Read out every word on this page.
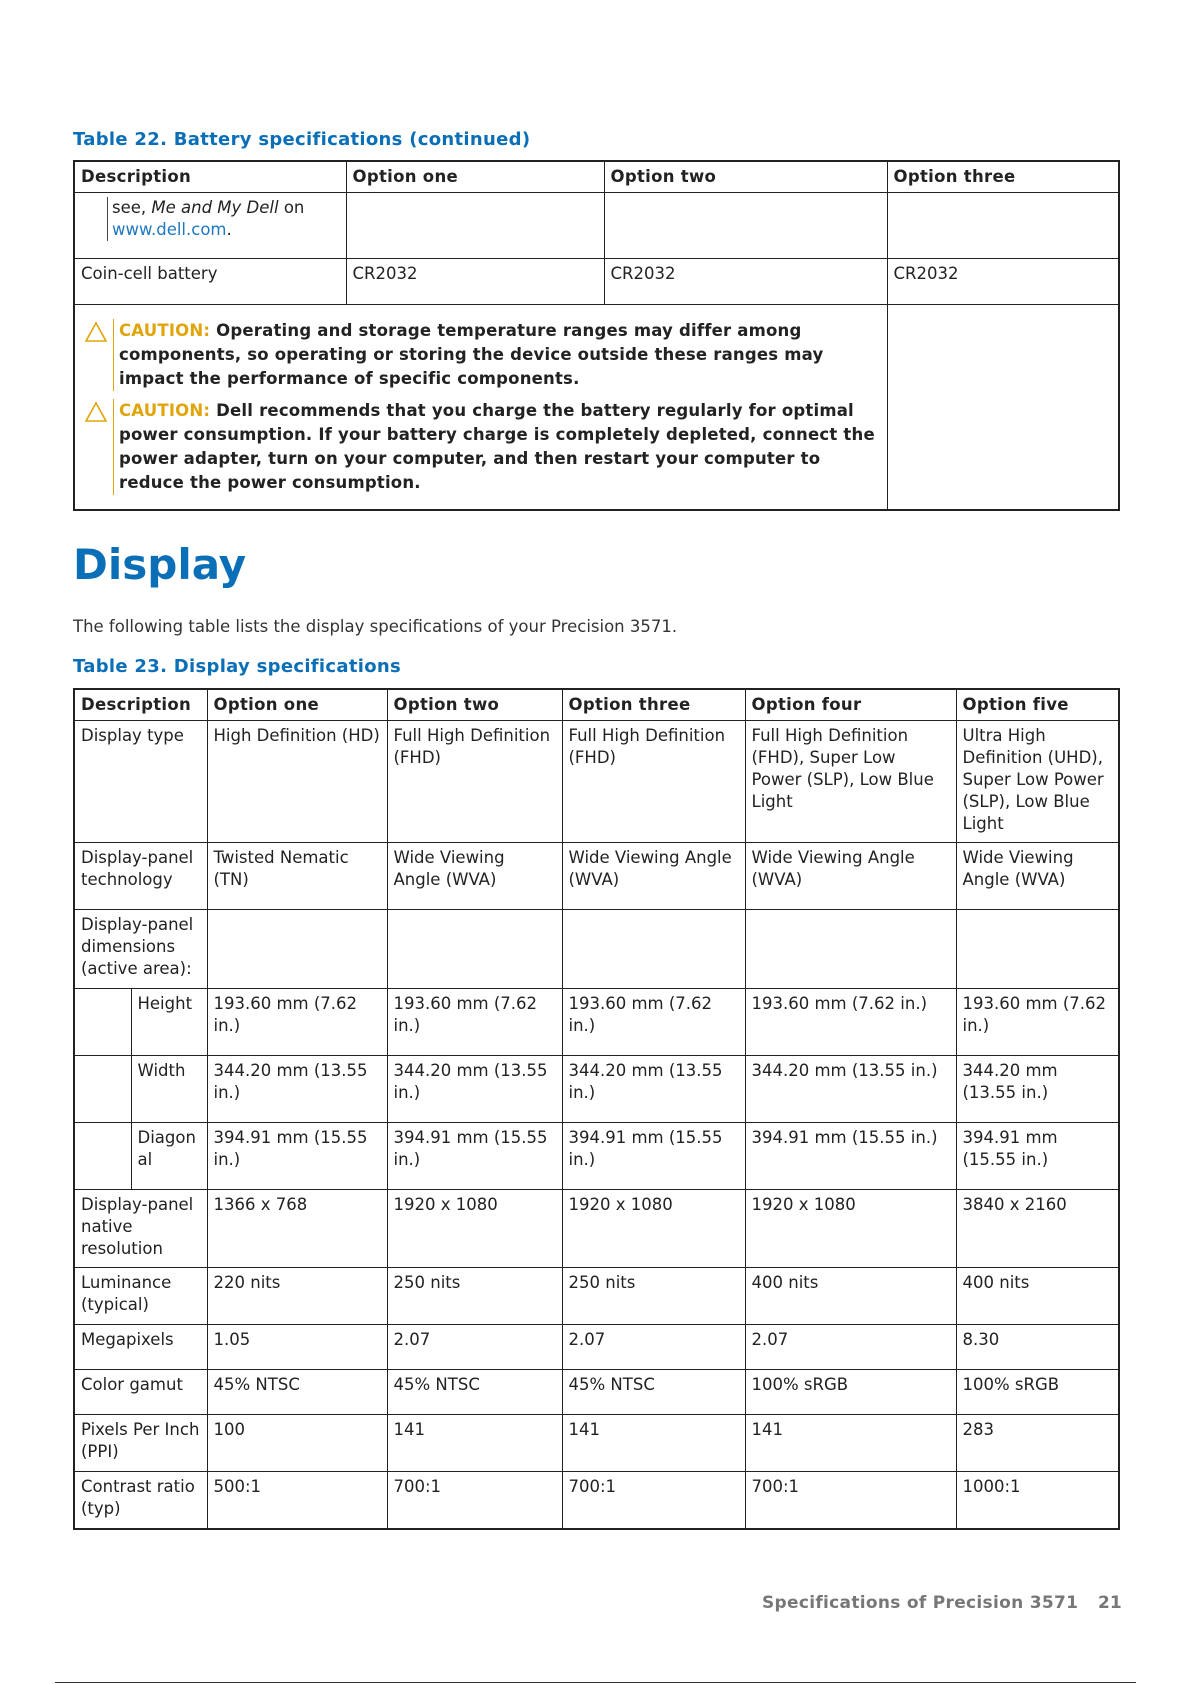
Table 22. Battery specifications (continued)
Description	Option one	Option two	Option three

see, Me and My Dell on
www.dell.com.			

Coin-cell battery	CR2032	CR2032	CR2032

CAUTION: Operating and storage temperature ranges may differ among components, so operating or storing the device outside these ranges may impact the performance of specific components.
CAUTION: Dell recommends that you charge the battery regularly for optimal power consumption. If your battery charge is completely depleted, connect the power adapter, turn on your computer, and then restart your computer to reduce the power consumption.			

Display
The following table lists the display specifications of your Precision 3571.
Table 23. Display specifications
Description		Option one	Option two	Option three	Option four	Option five
Display type		High Definition (HD)	Full High Definition (FHD)	Full High Definition (FHD)	Full High Definition (FHD), Super Low Power (SLP), Low Blue Light	Ultra High Definition (UHD), Super Low Power (SLP), Low Blue Light
Display-panel technology		Twisted Nematic (TN)	Wide Viewing Angle (WVA)	Wide Viewing Angle (WVA)	Wide Viewing Angle (WVA)	Wide Viewing Angle (WVA)
Display-panel dimensions (active area):						
	Height	193.60 mm (7.62 in.)	193.60 mm (7.62 in.)	193.60 mm (7.62 in.)	193.60 mm (7.62 in.)	193.60 mm (7.62 in.)
	Width	344.20 mm (13.55 in.)	344.20 mm (13.55 in.)	344.20 mm (13.55 in.)	344.20 mm (13.55 in.)	344.20 mm (13.55 in.)
	Diagonal	394.91 mm (15.55 in.)	394.91 mm (15.55 in.)	394.91 mm (15.55 in.)	394.91 mm (15.55 in.)	394.91 mm (15.55 in.)
Display-panel native resolution		1366 x 768	1920 x 1080	1920 x 1080	1920 x 1080	3840 x 2160
Luminance (typical)		220 nits	250 nits	250 nits	400 nits	400 nits
Megapixels		1.05	2.07	2.07	2.07	8.30
Color gamut		45% NTSC	45% NTSC	45% NTSC	100% sRGB	100% sRGB
Pixels Per Inch (PPI)		100	141	141	141	283
Contrast ratio (typ)		500:1	700:1	700:1	700:1	1000:1
Specifications of Precision 3571 21
